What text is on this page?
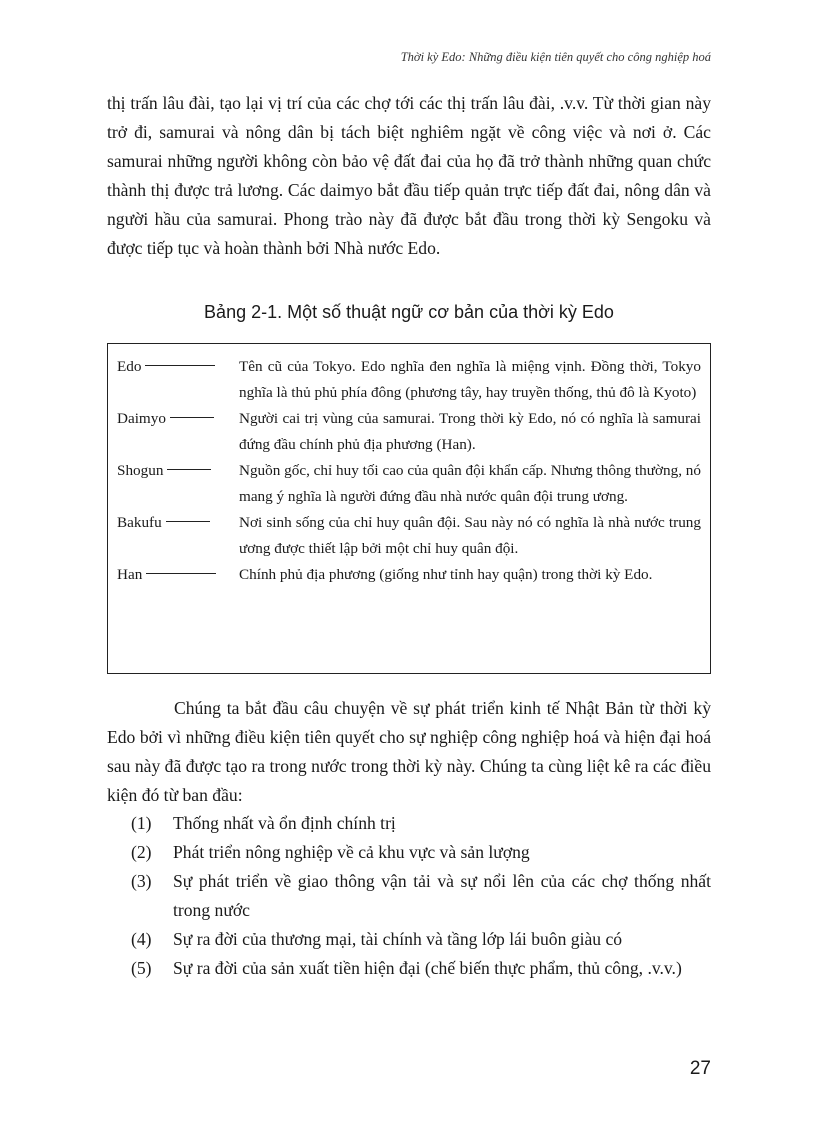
Thời kỳ Edo: Những điều kiện tiên quyết cho công nghiệp hoá

thị trấn lâu đài, tạo lại vị trí của các chợ tới các thị trấn lâu đài, .v.v. Từ thời gian này trở đi, samurai và nông dân bị tách biệt nghiêm ngặt về công việc và nơi ở. Các samurai những người không còn bảo vệ đất đai của họ đã trở thành những quan chức thành thị được trả lương. Các daimyo bắt đầu tiếp quản trực tiếp đất đai, nông dân và người hầu của samurai. Phong trào này đã được bắt đầu trong thời kỳ Sengoku và được tiếp tục và hoàn thành bởi Nhà nước Edo.

Bảng 2-1. Một số thuật ngữ cơ bản của thời kỳ Edo
Edo	Tên cũ của Tokyo. Edo nghĩa đen nghĩa là miệng vịnh. Đồng thời, Tokyo nghĩa là thủ phủ phía đông (phương tây, hay truyền thống, thủ đô là Kyoto)
Daimyo	Người cai trị vùng của samurai. Trong thời kỳ Edo, nó có nghĩa là samurai đứng đầu chính phủ địa phương (Han).
Shogun	Nguồn gốc, chỉ huy tối cao của quân đội khẩn cấp. Nhưng thông thường, nó mang ý nghĩa là người đứng đầu nhà nước quân đội trung ương.
Bakufu	Nơi sinh sống của chỉ huy quân đội. Sau này nó có nghĩa là nhà nước trung ương được thiết lập bởi một chỉ huy quân đội.
Han	Chính phủ địa phương (giống như tỉnh hay quận) trong thời kỳ Edo.

Chúng ta bắt đầu câu chuyện về sự phát triển kinh tế Nhật Bản từ thời kỳ Edo bởi vì những điều kiện tiên quyết cho sự nghiệp công nghiệp hoá và hiện đại hoá sau này đã được tạo ra trong nước trong thời kỳ này. Chúng ta cùng liệt kê ra các điều kiện đó từ ban đầu:

(1)	Thống nhất và ổn định chính trị
(2)	Phát triển nông nghiệp về cả khu vực và sản lượng
(3)	Sự phát triển về giao thông vận tải và sự nổi lên của các chợ thống nhất trong nước
(4)	Sự ra đời của thương mại, tài chính và tầng lớp lái buôn giàu có
(5)	Sự ra đời của sản xuất tiền hiện đại (chế biến thực phẩm, thủ công, .v.v.)
27
